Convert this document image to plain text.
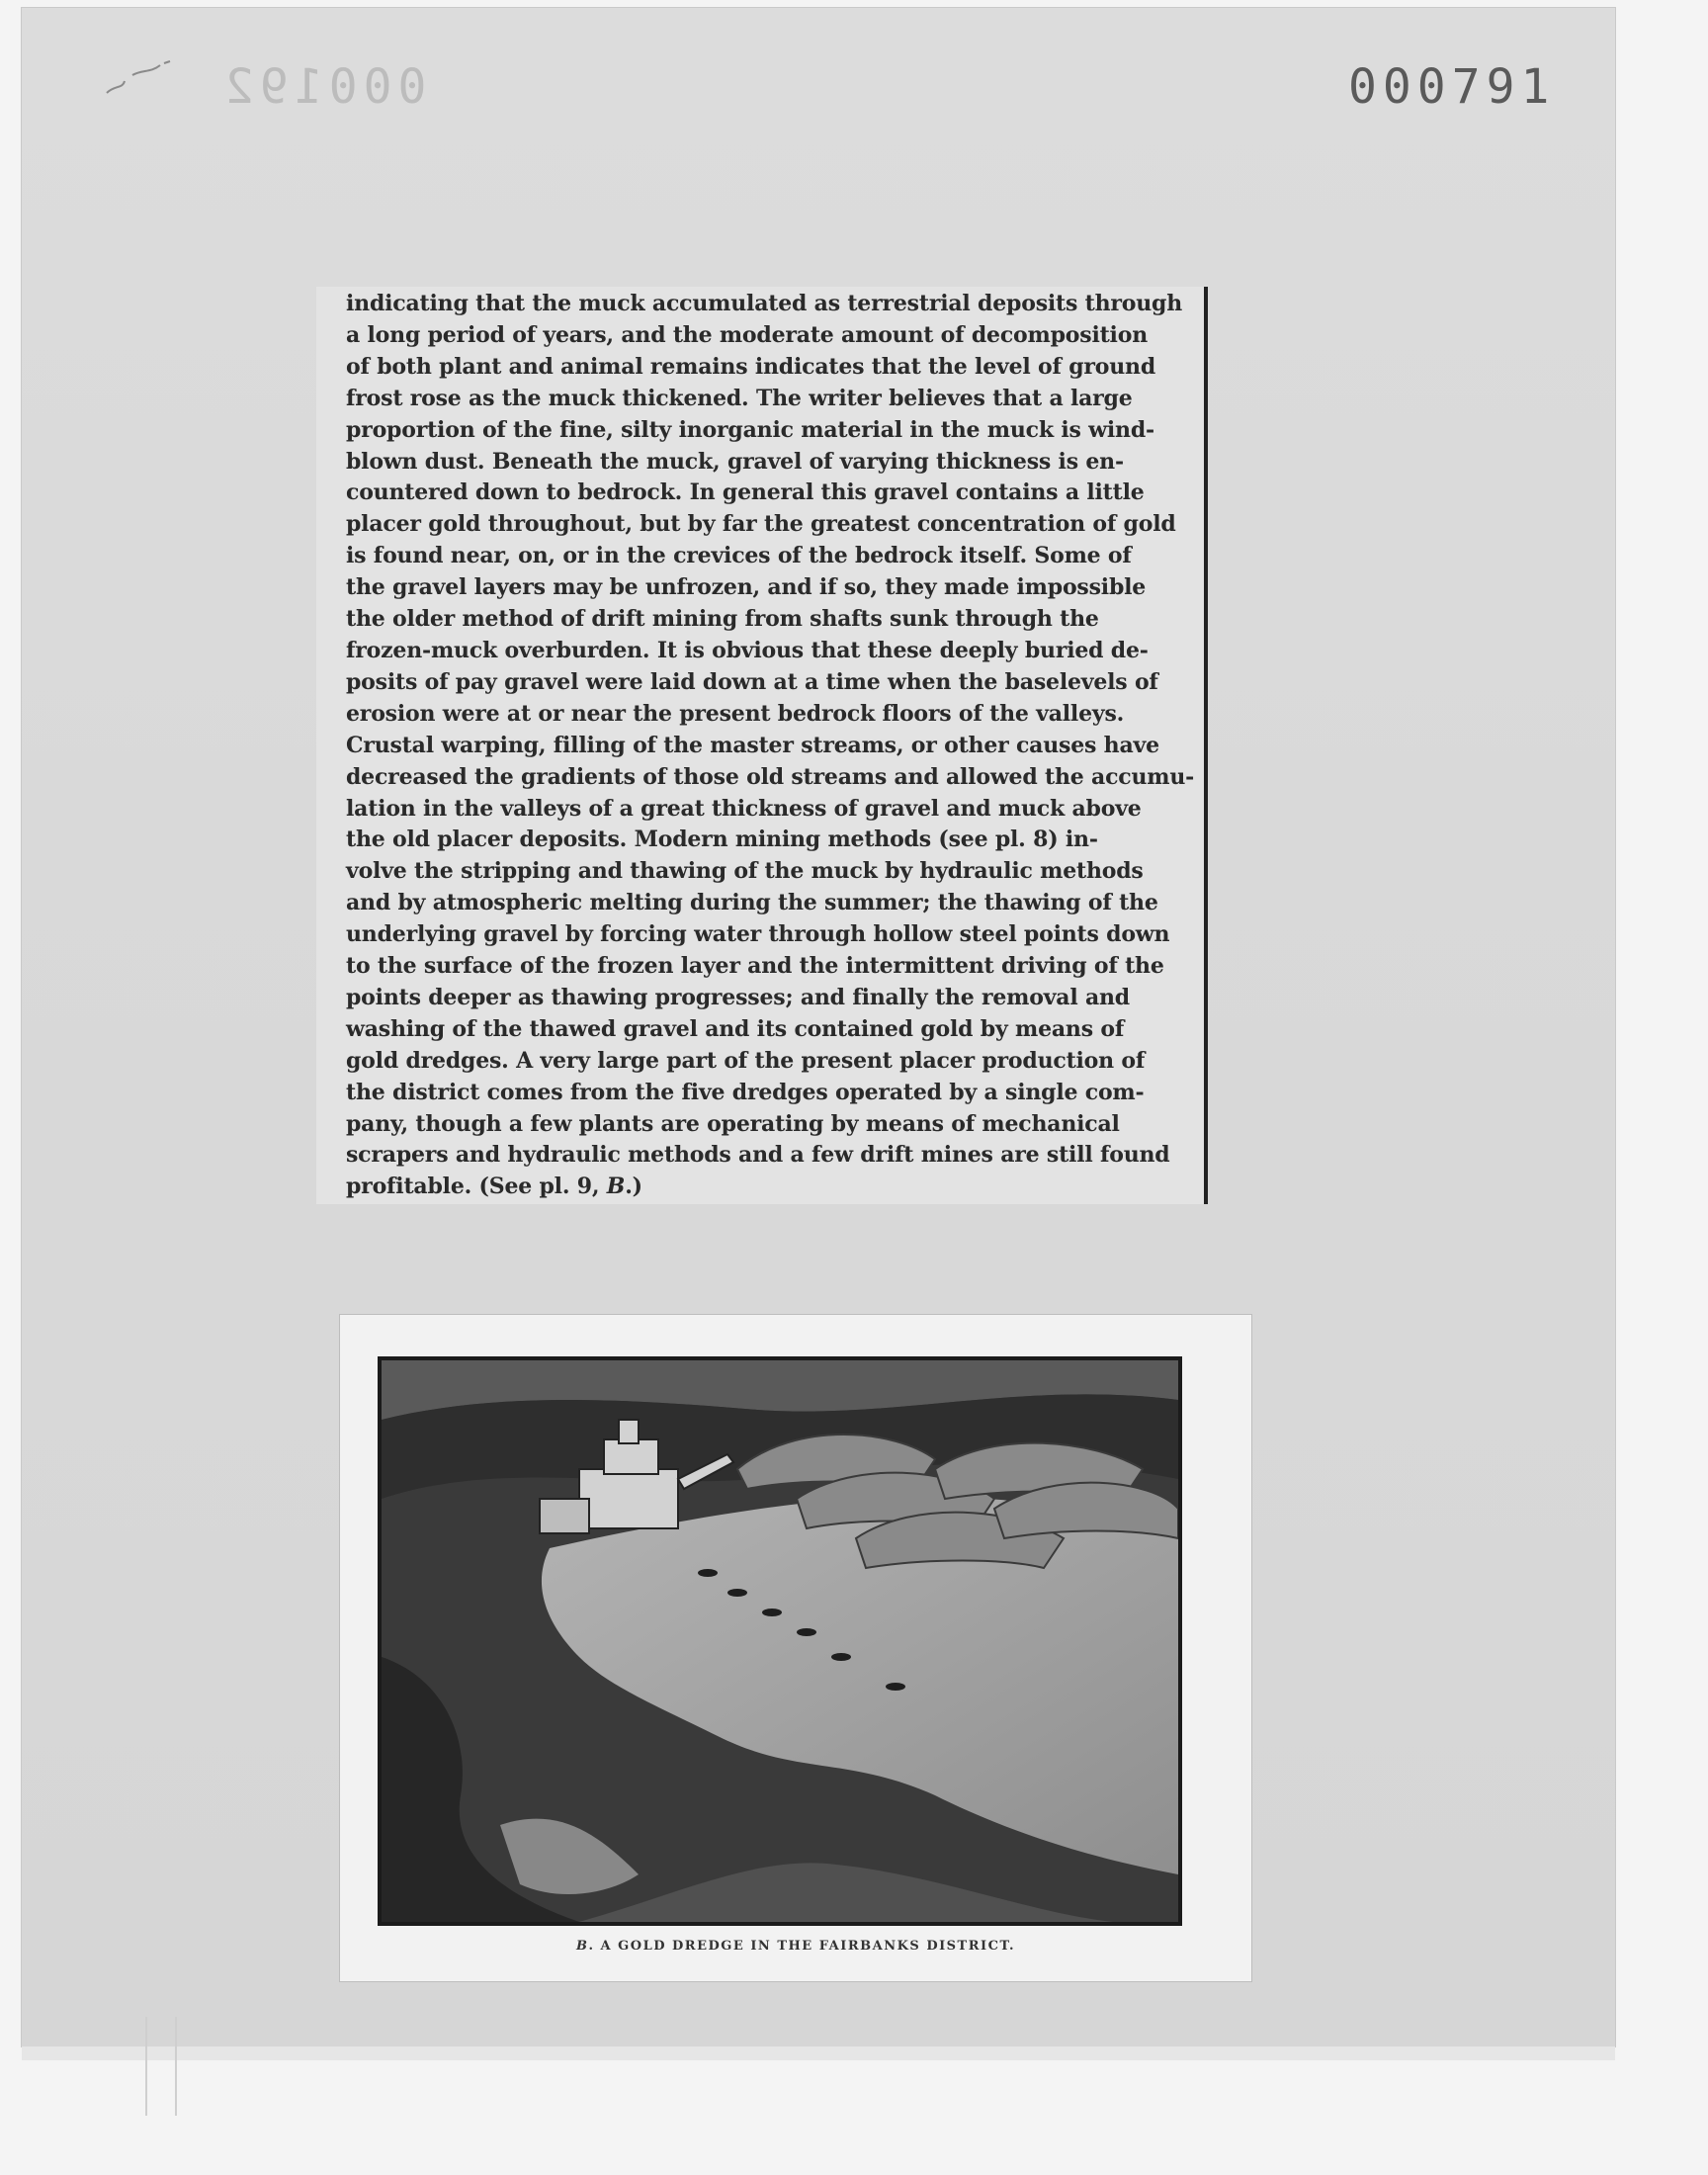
000192	000791

indicating that the muck accumulated as terrestrial deposits through
a long period of years, and the moderate amount of decomposition
of both plant and animal remains indicates that the level of ground
frost rose as the muck thickened. The writer believes that a large
proportion of the fine, silty inorganic material in the muck is wind-
blown dust. Beneath the muck, gravel of varying thickness is en-
countered down to bedrock. In general this gravel contains a little
placer gold throughout, but by far the greatest concentration of gold
is found near, on, or in the crevices of the bedrock itself. Some of
the gravel layers may be unfrozen, and if so, they made impossible
the older method of drift mining from shafts sunk through the
frozen-muck overburden. It is obvious that these deeply buried de-
posits of pay gravel were laid down at a time when the baselevels of
erosion were at or near the present bedrock floors of the valleys.
Crustal warping, filling of the master streams, or other causes have
decreased the gradients of those old streams and allowed the accumu-
lation in the valleys of a great thickness of gravel and muck above
the old placer deposits. Modern mining methods (see pl. 8) in-
volve the stripping and thawing of the muck by hydraulic methods
and by atmospheric melting during the summer; the thawing of the
underlying gravel by forcing water through hollow steel points down
to the surface of the frozen layer and the intermittent driving of the
points deeper as thawing progresses; and finally the removal and
washing of the thawed gravel and its contained gold by means of
gold dredges. A very large part of the present placer production of
the district comes from the five dredges operated by a single com-
pany, though a few plants are operating by means of mechanical
scrapers and hydraulic methods and a few drift mines are still found
profitable. (See pl. 9, B.)

B. A GOLD DREDGE IN THE FAIRBANKS DISTRICT.
